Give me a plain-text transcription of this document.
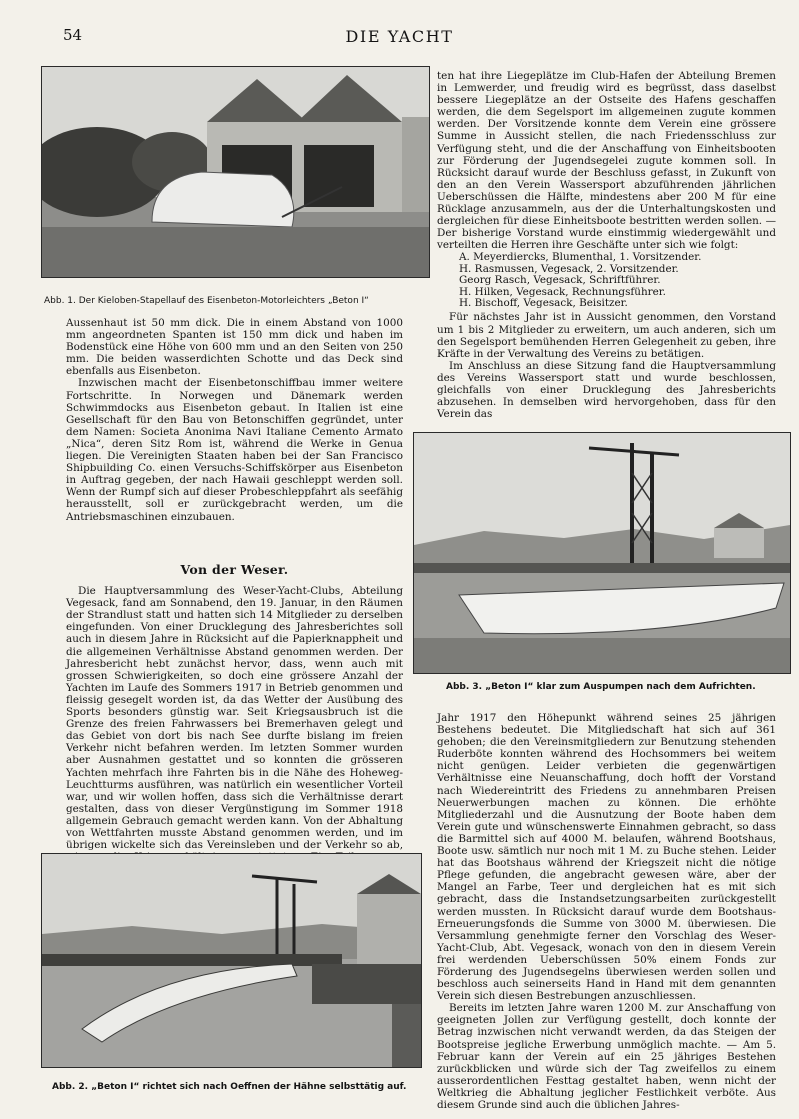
54	DIE YACHT
Abb. 1. Der Kieloben-Stapellauf des Eisenbeton-Motorleichters „Beton I“

Aussenhaut ist 50 mm dick. Die in einem Abstand von 1000 mm angeordneten Spanten ist 150 mm dick und haben im Bodenstück eine Höhe von 600 mm und an den Seiten von 250 mm. Die beiden wasserdichten Schotte und das Deck sind ebenfalls aus Eisenbeton.

Inzwischen macht der Eisenbetonschiffbau immer weitere Fortschritte. In Norwegen und Dänemark werden Schwimmdocks aus Eisenbeton gebaut. In Italien ist eine Gesellschaft für den Bau von Betonschiffen gegründet, unter dem Namen: Societa Anonima Navi Italiane Cemento Armato „Nica“, deren Sitz Rom ist, während die Werke in Genua liegen. Die Vereinigten Staaten haben bei der San Francisco Shipbuilding Co. einen Versuchs-Schiffskörper aus Eisenbeton in Auftrag gegeben, der nach Hawaii geschleppt werden soll. Wenn der Rumpf sich auf dieser Probeschleppfahrt als seefähig herausstellt, soll er zurückgebracht werden, um die Antriebsmaschinen einzubauen.

Von der Weser.

Die Hauptversammlung des Weser-Yacht-Clubs, Abteilung Vegesack, fand am Sonnabend, den 19. Januar, in den Räumen der Strandlust statt und hatten sich 14 Mitglieder zu derselben eingefunden. Von einer Drucklegung des Jahresberichtes soll auch in diesem Jahre in Rücksicht auf die Papierknappheit und die allgemeinen Verhältnisse Abstand genommen werden. Der Jahresbericht hebt zunächst hervor, dass, wenn auch mit grossen Schwierigkeiten, so doch eine grössere Anzahl der Yachten im Laufe des Sommers 1917 in Betrieb genommen und fleissig gesegelt worden ist, da das Wetter der Ausübung des Sports besonders günstig war. Seit Kriegsausbruch ist die Grenze des freien Fahrwassers bei Bremerhaven gelegt und das Gebiet von dort bis nach See durfte bislang im freien Verkehr nicht befahren werden. Im letzten Sommer wurden aber Ausnahmen gestattet und so konnten die grösseren Yachten mehrfach ihre Fahrten bis in die Nähe des Hoheweg-Leuchtturms ausführen, was natürlich ein wesentlicher Vorteil war, und wir wollen hoffen, dass sich die Verhältnisse derart gestalten, dass von dieser Vergünstigung im Sommer 1918 allgemein Gebrauch gemacht werden kann. Von der Abhaltung von Wettfahrten musste Abstand genommen werden, und im übrigen wickelte sich das Vereinsleben und der Verkehr so ab,

ten hat ihre Liegeplätze im Club-Hafen der Abteilung Bremen in Lemwerder, und freudig wird es begrüsst, dass daselbst bessere Liegeplätze an der Ostseite des Hafens geschaffen werden, die dem Segelsport im allgemeinen zugute kommen werden. Der Vorsitzende konnte dem Verein eine grössere Summe in Aussicht stellen, die nach Friedensschluss zur Verfügung steht, und die der Anschaffung von Einheitsbooten zur Förderung der Jugendsegelei zugute kommen soll. In Rücksicht darauf wurde der Beschluss gefasst, in Zukunft von den an den Verein Wassersport abzuführenden jährlichen Ueberschüssen die Hälfte, mindestens aber 200 M für eine Rücklage anzusammeln, aus der die Unterhaltungskosten und dergleichen für diese Einheitsboote bestritten werden sollen. — Der bisherige Vorstand wurde einstimmig wiedergewählt und verteilten die Herren ihre Geschäfte unter sich wie folgt:

A. Meyerdiercks, Blumenthal, 1. Vorsitzender.
H. Rasmussen, Vegesack, 2. Vorsitzender.
Georg Rasch, Vegesack, Schriftführer.
H. Hilken, Vegesack, Rechnungsführer.
H. Bischoff, Vegesack, Beisitzer.

Für nächstes Jahr ist in Aussicht genommen, den Vorstand um 1 bis 2 Mitglieder zu erweitern, um auch anderen, sich um den Segelsport bemühenden Herren Gelegenheit zu geben, ihre Kräfte in der Verwaltung des Vereins zu betätigen.

Im Anschluss an diese Sitzung fand die Hauptversammlung des Vereins Wassersport statt und wurde beschlossen, gleichfalls von einer Drucklegung des Jahresberichts abzusehen. In demselben wird hervorgehoben, dass für den Verein das

Abb. 3. „Beton I“ klar zum Auspumpen nach dem Aufrichten.

Jahr 1917 den Höhepunkt während seines 25 jährigen Bestehens bedeutet. Die Mitgliedschaft hat sich auf 361 gehoben; die den Vereinsmitgliedern zur Benutzung stehenden Ruderböte konnten während des Hochsommers bei weitem nicht genügen. Leider verbieten die gegenwärtigen Verhältnisse eine Neuanschaffung, doch hofft der Vorstand nach Wiedereintritt des Friedens zu annehmbaren Preisen Neuerwerbungen machen zu können. Die erhöhte Mitgliederzahl und die Ausnutzung der Boote haben dem Verein gute und wünschenswerte Einnahmen gebracht, so dass die Barmittel sich auf 4000 M. belaufen, während Bootshaus, Boote usw. sämtlich nur noch mit 1 M. zu Buche stehen. Leider hat das Bootshaus während der Kriegszeit nicht die nötige Pflege gefunden, die angebracht gewesen wäre, aber der Mangel an Farbe, Teer und dergleichen hat es mit sich gebracht, dass die Instandsetzungsarbeiten zurückgestellt werden mussten. In Rücksicht darauf wurde dem Bootshaus-Erneuerungsfonds die Summe von 3000 M. überwiesen. Die Versammlung genehmigte ferner den Vorschlag des Weser-Yacht-Club, Abt. Vegesack, wonach von den in diesem Verein frei werdenden Ueberschüssen 50% einem Fonds zur Förderung des Jugendsegelns überwiesen werden sollen und beschloss auch seinerseits Hand in Hand mit dem genannten Verein sich diesen Bestrebungen anzuschliessen.

Bereits im letzten Jahre waren 1200 M. zur Anschaffung von geeigneten Jollen zur Verfügung gestellt, doch konnte der Betrag inzwischen nicht verwandt werden, da das Steigen der Bootspreise jegliche Erwerbung unmöglich machte. — Am 5. Februar kann der Verein auf ein 25 jähriges Bestehen zurückblicken und würde sich der Tag zweifellos zu einem ausserordentlichen Festtag gestaltet haben, wenn nicht der Weltkrieg die Abhaltung jeglicher Festlichkeit verböte. Aus diesem Grunde sind auch die üblichen Jahres-

Abb. 2. „Beton I“ richtet sich nach Oeffnen der Hähne selbsttätig auf.
